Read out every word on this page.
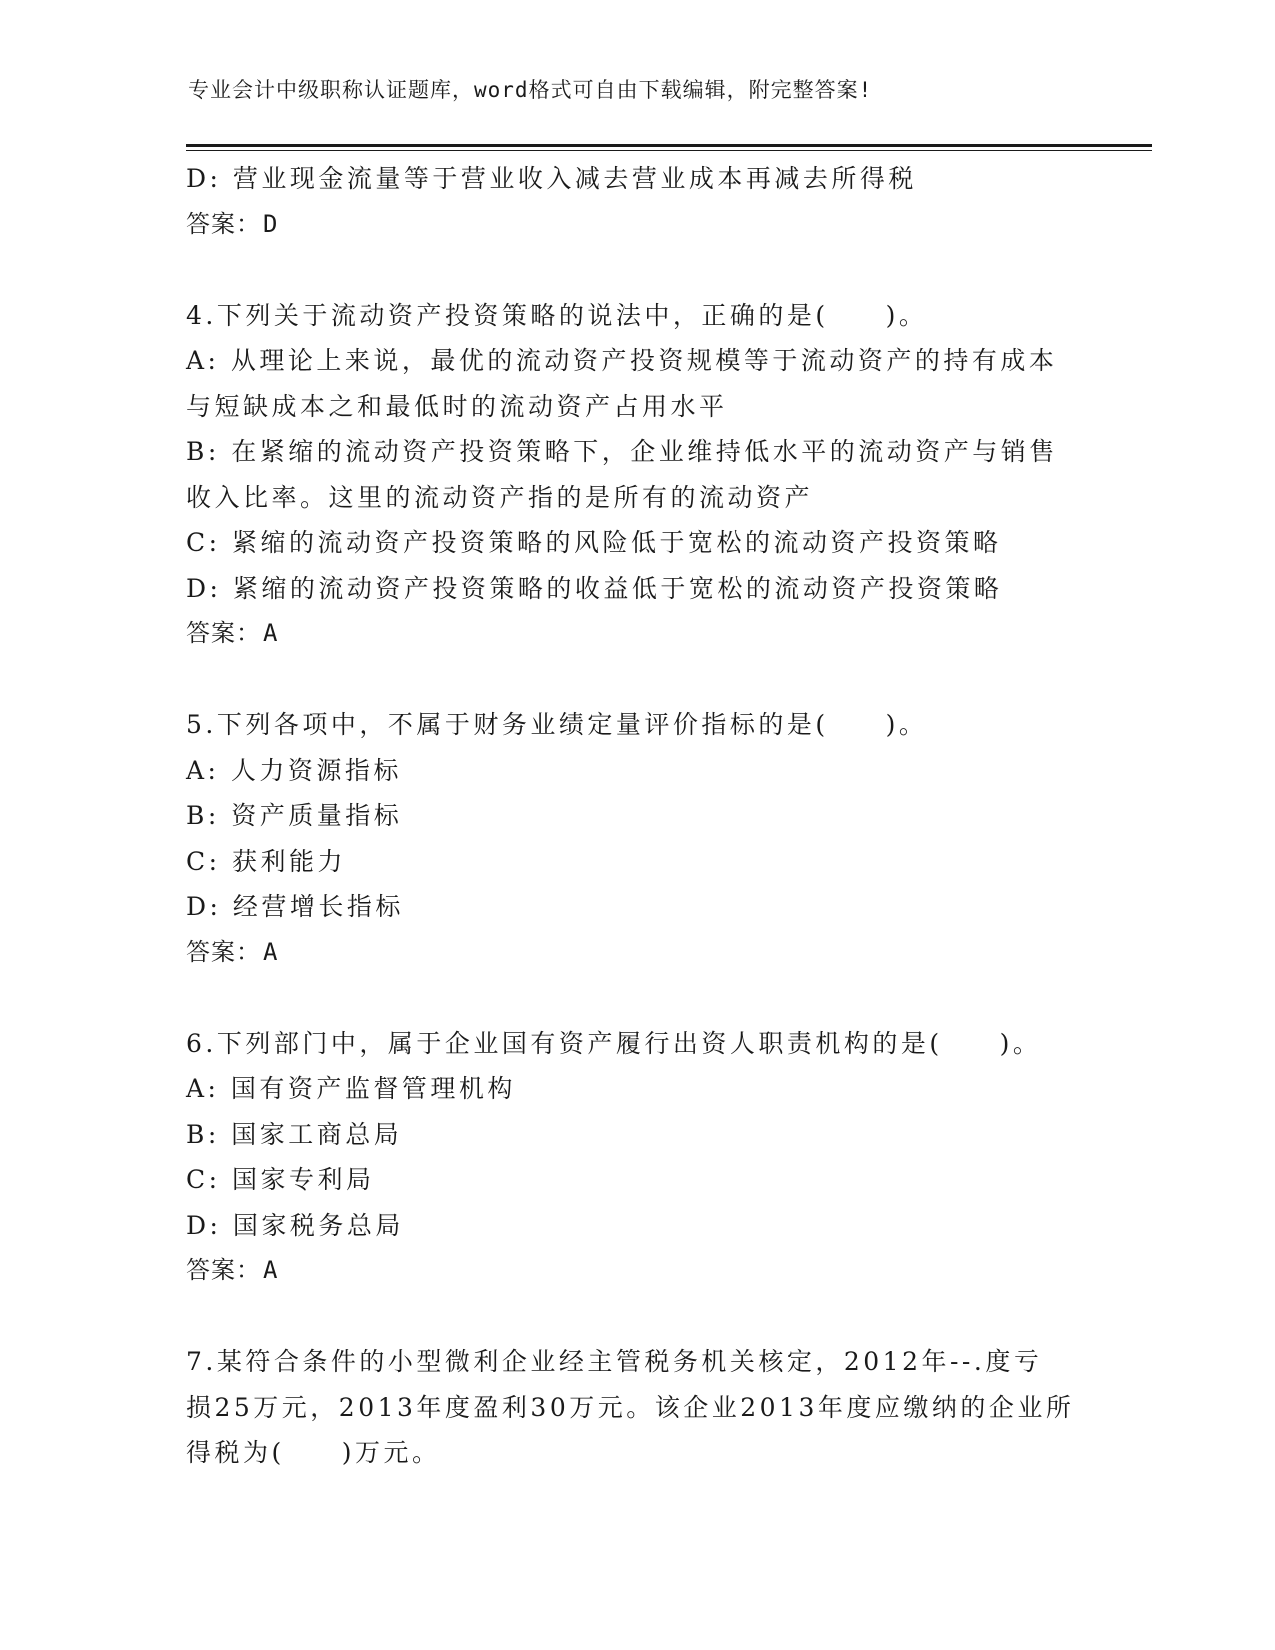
专业会计中级职称认证题库，word格式可自由下载编辑，附完整答案!
D: 营业现金流量等于营业收入减去营业成本再减去所得税
答案：D
4.下列关于流动资产投资策略的说法中，正确的是(　　)。
A: 从理论上来说，最优的流动资产投资规模等于流动资产的持有成本
与短缺成本之和最低时的流动资产占用水平
B: 在紧缩的流动资产投资策略下，企业维持低水平的流动资产与销售
收入比率。这里的流动资产指的是所有的流动资产
C: 紧缩的流动资产投资策略的风险低于宽松的流动资产投资策略
D: 紧缩的流动资产投资策略的收益低于宽松的流动资产投资策略
答案：A
5.下列各项中，不属于财务业绩定量评价指标的是(　　)。
A: 人力资源指标
B: 资产质量指标
C: 获利能力
D: 经营增长指标
答案：A
6.下列部门中，属于企业国有资产履行出资人职责机构的是(　　)。
A: 国有资产监督管理机构
B: 国家工商总局
C: 国家专利局
D: 国家税务总局
答案：A
7.某符合条件的小型微利企业经主管税务机关核定，2012年--.度亏
损25万元，2013年度盈利30万元。该企业2013年度应缴纳的企业所
得税为(　　)万元。
